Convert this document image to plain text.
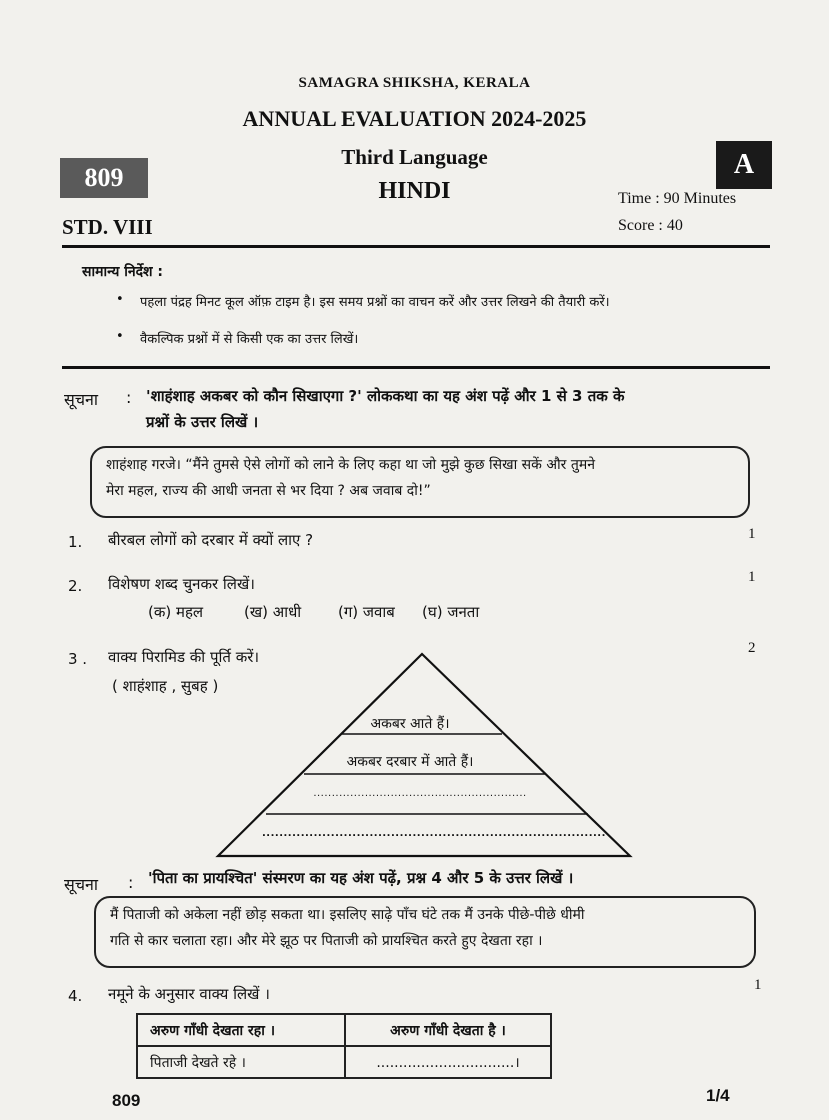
SAMAGRA SHIKSHA, KERALA
ANNUAL EVALUATION 2024-2025
Third Language
HINDI
809	A
STD. VIII
Time : 90 Minutes
Score : 40
सामान्य निर्देश :
• पहला पंद्रह मिनट कूल ऑफ़ टाइम है। इस समय प्रश्नों का वाचन करें और उत्तर लिखने की तैयारी करें।
• वैकल्पिक प्रश्नों में से किसी एक का उत्तर लिखें।
सूचना : 'शाहंशाह अकबर को कौन सिखाएगा ?' लोककथा का यह अंश पढ़ें और 1 से 3 तक के
प्रश्नों के उत्तर लिखें ।
शाहंशाह गरजे। “मैंने तुमसे ऐसे लोगों को लाने के लिए कहा था जो मुझे कुछ सिखा सकें और तुमने
मेरा महल, राज्य की आधी जनता से भर दिया ? अब जवाब दो!”
1. बीरबल लोगों को दरबार में क्यों लाए ?	1
2. विशेषण शब्द चुनकर लिखें।	1
(क) महल	(ख) आधी (ग) जवाब (घ) जनता
3 . वाक्य पिरामिड की पूर्ति करें।	2
( शाहंशाह , सुबह )
अकबर आते हैं।
अकबर दरबार में आते हैं।
..........................................................
................................................................................
सूचना : 'पिता का प्रायश्चित' संस्मरण का यह अंश पढ़ें, प्रश्न 4 और 5 के उत्तर लिखें ।
मैं पिताजी को अकेला नहीं छोड़ सकता था। इसलिए साढ़े पाँच घंटे तक मैं उनके पीछे-पीछे धीमी
गति से कार चलाता रहा। और मेरे झूठ पर पिताजी को प्रायश्चित करते हुए देखता रहा ।
4. नमूने के अनुसार वाक्य लिखें ।	1
अरुण गाँधी देखता रहा ।	अरुण गाँधी देखता है ।
पिताजी देखते रहे ।	...............................।
809	1/4
